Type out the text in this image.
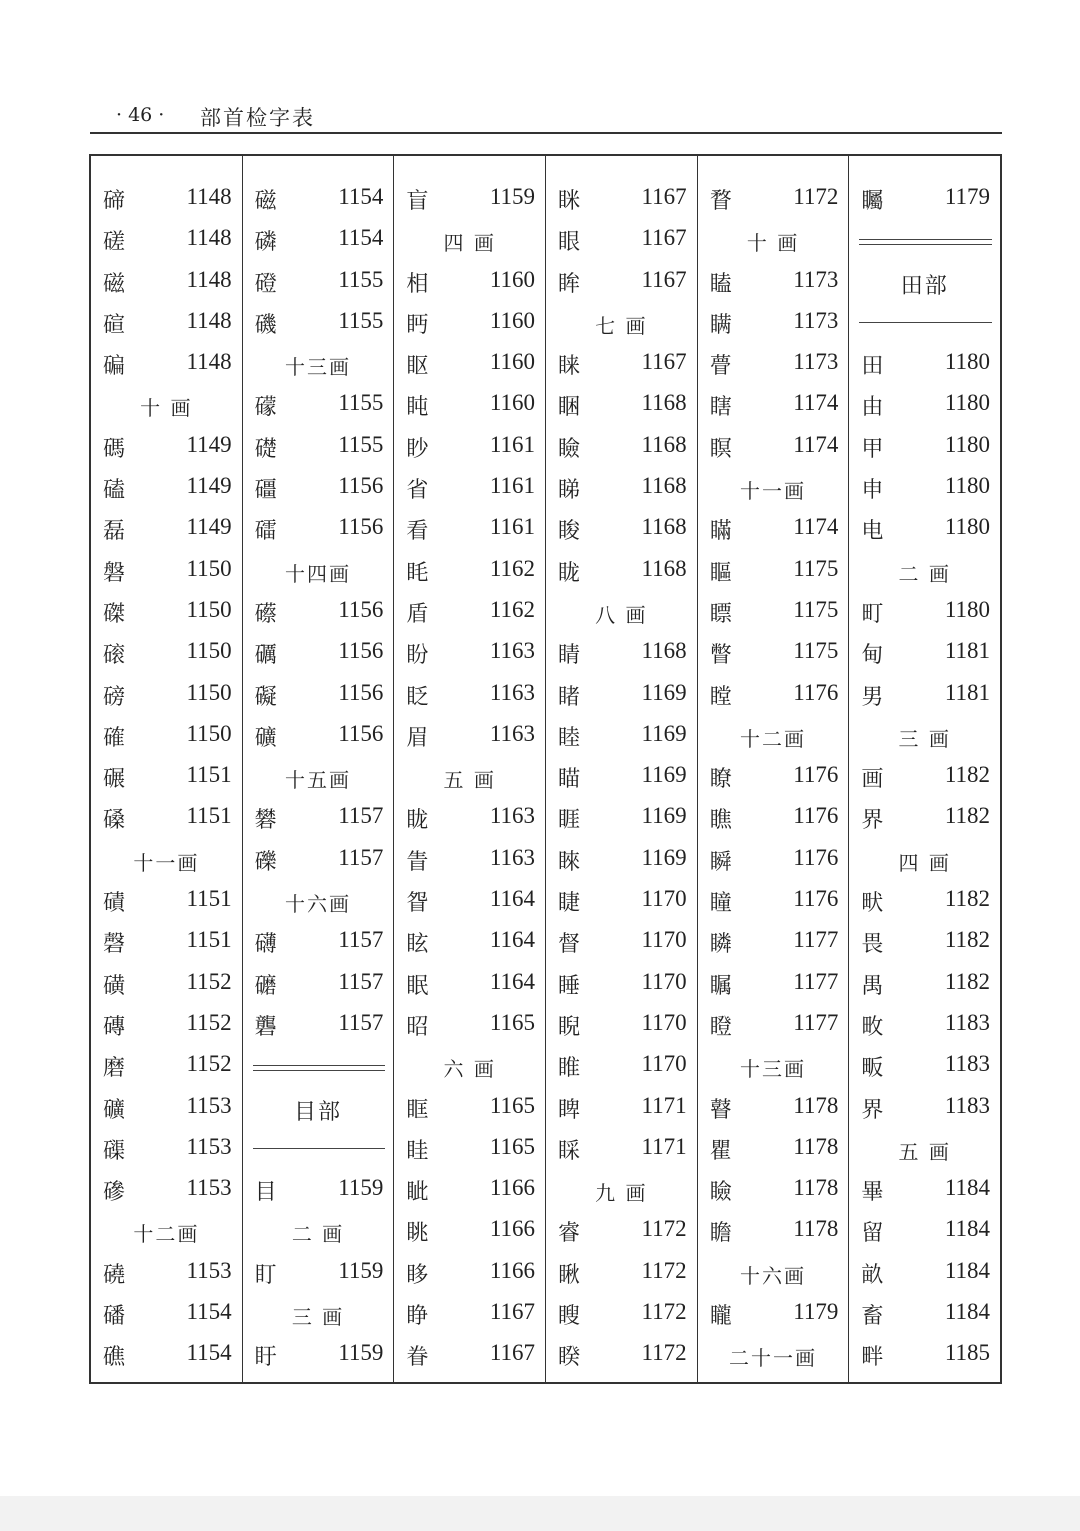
· 46 · 部首检字表
碲	1148
磋	1148
磁	1148
碹	1148
碥	1148
十 画
碼	1149
磕	1149
磊	1149
磐	1150
磔	1150
磙	1150
磅	1150
確	1150
碾	1151
磉	1151
十一画
磧	1151
磬	1151
磺	1152
磚	1152
磨	1152
礦	1153
磲	1153
磣	1153
十二画
磽	1153
磻	1154
礁	1154
磁	1154
磷	1154
磴	1155
磯	1155
十三画
礞	1155
礎	1155
礓	1156
礌	1156
十四画
礤	1156
礪	1156
礙	1156
礦	1156
十五画
礬	1157
礫	1157
十六画
礴	1157
礳	1157
礱	1157
目部
目	1159
二 画
盯	1159
三 画
盱	1159
盲	1159
四 画
相	1160
眄	1160
眍	1160
盹	1160
眇	1161
省	1161
看	1161
眊	1162
盾	1162
盼	1163
眨	1163
眉	1163
五 画
眬	1163
眚	1163
眢	1164
眩	1164
眠	1164
昭	1165
六 画
眶	1165
眭	1165
眦	1166
眺	1166
眵	1166
睁	1167
眷	1167
眯	1167
眼	1167
眸	1167
七 画
睐	1167
睏	1168
瞼	1168
睇	1168
睃	1168
眬	1168
八 画
睛	1168
睹	1169
睦	1169
瞄	1169
睚	1169
睞	1169
睫	1170
督	1170
睡	1170
睨	1170
睢	1170
睥	1171
睬	1171
九 画
睿	1172
瞅	1172
瞍	1172
睽	1172
瞀	1172
十 画
瞌	1173
瞒	1173
瞢	1173
瞎	1174
瞑	1174
十一画
瞞	1174
瞘	1175
瞟	1175
瞥	1175
瞠	1176
十二画
瞭	1176
瞧	1176
瞬	1176
瞳	1176
瞵	1177
瞩	1177
瞪	1177
十三画
瞽	1178
瞿	1178
瞼	1178
瞻	1178
十六画
矓	1179
二十一画
矚	1179
田部
田	1180
由	1180
甲	1180
申	1180
电	1180
二 画
町	1180
甸	1181
男	1181
三 画
画	1182
界	1182
四 画
畎	1182
畏	1182
禺	1182
畋	1183
畈	1183
界	1183
五 画
畢	1184
留	1184
畝	1184
畜	1184
畔	1185
